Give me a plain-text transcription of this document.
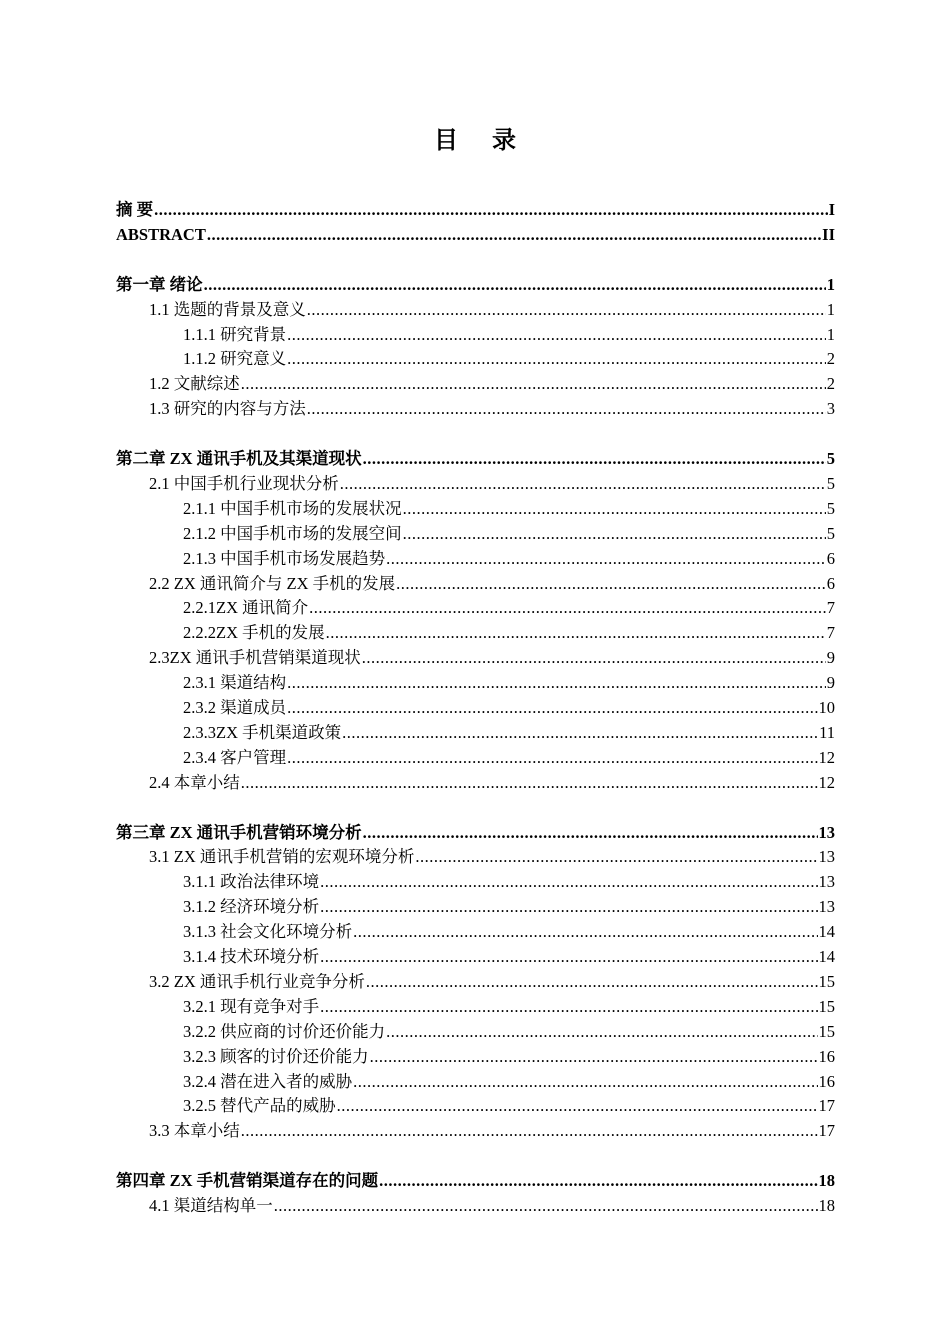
目 录
摘 要 .....	I
ABSTRACT .....	II
第一章 绪论 .....	1
1.1 选题的背景及意义 .....	1
1.1.1 研究背景 .....	1
1.1.2 研究意义 .....	2
1.2 文献综述 .....	2
1.3 研究的内容与方法 .....	3
第二章 ZX 通讯手机及其渠道现状 .....	5
2.1 中国手机行业现状分析 .....	5
2.1.1 中国手机市场的发展状况 .....	5
2.1.2 中国手机市场的发展空间 .....	5
2.1.3 中国手机市场发展趋势 .....	6
2.2 ZX 通讯简介与 ZX 手机的发展 .....	6
2.2.1ZX 通讯简介 .....	7
2.2.2ZX 手机的发展 .....	7
2.3ZX 通讯手机营销渠道现状 .....	9
2.3.1 渠道结构 .....	9
2.3.2 渠道成员 .....	10
2.3.3ZX 手机渠道政策 .....	11
2.3.4 客户管理 .....	12
2.4 本章小结 .....	12
第三章 ZX 通讯手机营销环境分析 .....	13
3.1 ZX 通讯手机营销的宏观环境分析 .....	13
3.1.1 政治法律环境 .....	13
3.1.2 经济环境分析 .....	13
3.1.3 社会文化环境分析 .....	14
3.1.4 技术环境分析 .....	14
3.2 ZX 通讯手机行业竞争分析 .....	15
3.2.1 现有竞争对手 .....	15
3.2.2 供应商的讨价还价能力 .....	15
3.2.3 顾客的讨价还价能力 .....	16
3.2.4 潜在进入者的威胁 .....	16
3.2.5 替代产品的威胁 .....	17
3.3 本章小结 .....	17
第四章 ZX 手机营销渠道存在的问题 .....	18
4.1 渠道结构单一 .....	18
